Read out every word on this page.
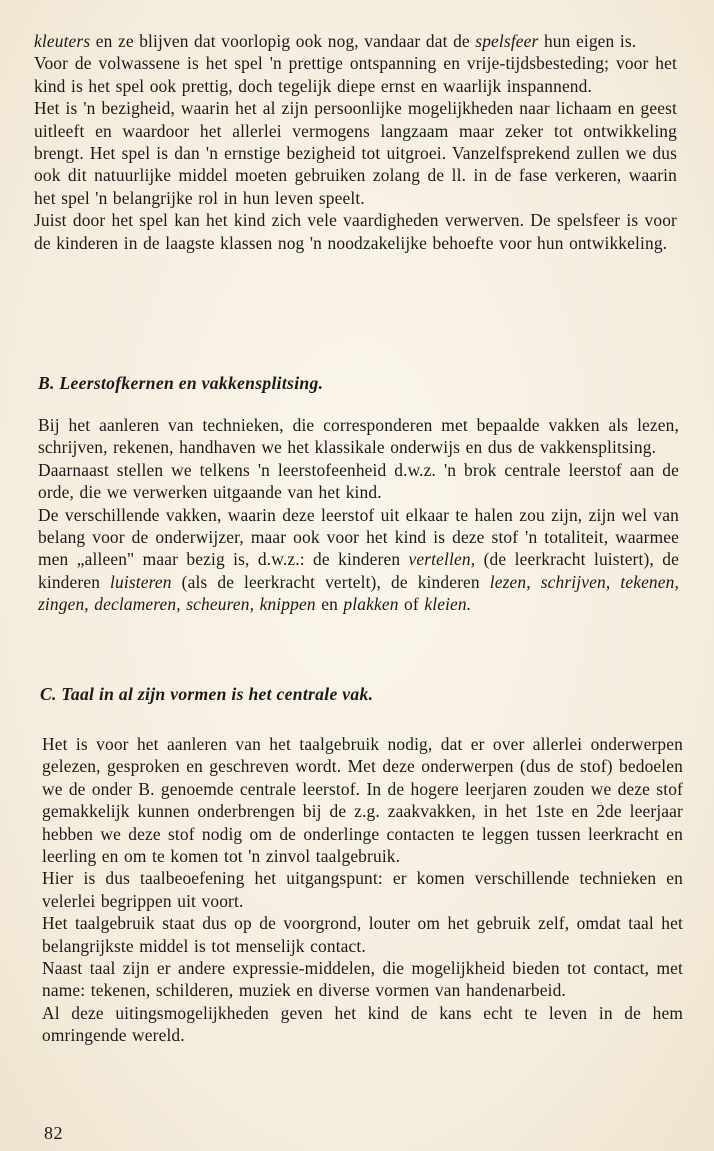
kleuters en ze blijven dat voorlopig ook nog, vandaar dat de spelsfeer hun eigen is.

Voor de volwassene is het spel 'n prettige ontspanning en vrije-tijdsbesteding; voor het kind is het spel ook prettig, doch tegelijk diepe ernst en waarlijk inspannend.

Het is 'n bezigheid, waarin het al zijn persoonlijke mogelijkheden naar lichaam en geest uitleeft en waardoor het allerlei vermogens langzaam maar zeker tot ontwikkeling brengt. Het spel is dan 'n ernstige bezigheid tot uitgroei. Vanzelfsprekend zullen we dus ook dit natuurlijke middel moeten gebruiken zolang de ll. in de fase verkeren, waarin het spel 'n belangrijke rol in hun leven speelt.

Juist door het spel kan het kind zich vele vaardigheden verwerven. De spelsfeer is voor de kinderen in de laagste klassen nog 'n noodzakelijke behoefte voor hun ontwikkeling.

B. Leerstofkernen en vakkensplitsing.

Bij het aanleren van technieken, die corresponderen met bepaalde vakken als lezen, schrijven, rekenen, handhaven we het klassikale onderwijs en dus de vakkensplitsing.

Daarnaast stellen we telkens 'n leerstofeenheid d.w.z. 'n brok centrale leerstof aan de orde, die we verwerken uitgaande van het kind.

De verschillende vakken, waarin deze leerstof uit elkaar te halen zou zijn, zijn wel van belang voor de onderwijzer, maar ook voor het kind is deze stof 'n totaliteit, waarmee men „alleen" maar bezig is, d.w.z.: de kinderen vertellen, (de leerkracht luistert), de kinderen luisteren (als de leerkracht vertelt), de kinderen lezen, schrijven, tekenen, zingen, declameren, scheuren, knippen en plakken of kleien.

C. Taal in al zijn vormen is het centrale vak.

Het is voor het aanleren van het taalgebruik nodig, dat er over allerlei onderwerpen gelezen, gesproken en geschreven wordt. Met deze onderwerpen (dus de stof) bedoelen we de onder B. genoemde centrale leerstof. In de hogere leerjaren zouden we deze stof gemakkelijk kunnen onderbrengen bij de z.g. zaakvakken, in het 1ste en 2de leerjaar hebben we deze stof nodig om de onderlinge contacten te leggen tussen leerkracht en leerling en om te komen tot 'n zinvol taalgebruik.

Hier is dus taalbeoefening het uitgangspunt: er komen verschillende technieken en velerlei begrippen uit voort.

Het taalgebruik staat dus op de voorgrond, louter om het gebruik zelf, omdat taal het belangrijkste middel is tot menselijk contact.

Naast taal zijn er andere expressie-middelen, die mogelijkheid bieden tot contact, met name: tekenen, schilderen, muziek en diverse vormen van handenarbeid.

Al deze uitingsmogelijkheden geven het kind de kans echt te leven in de hem omringende wereld.

82
